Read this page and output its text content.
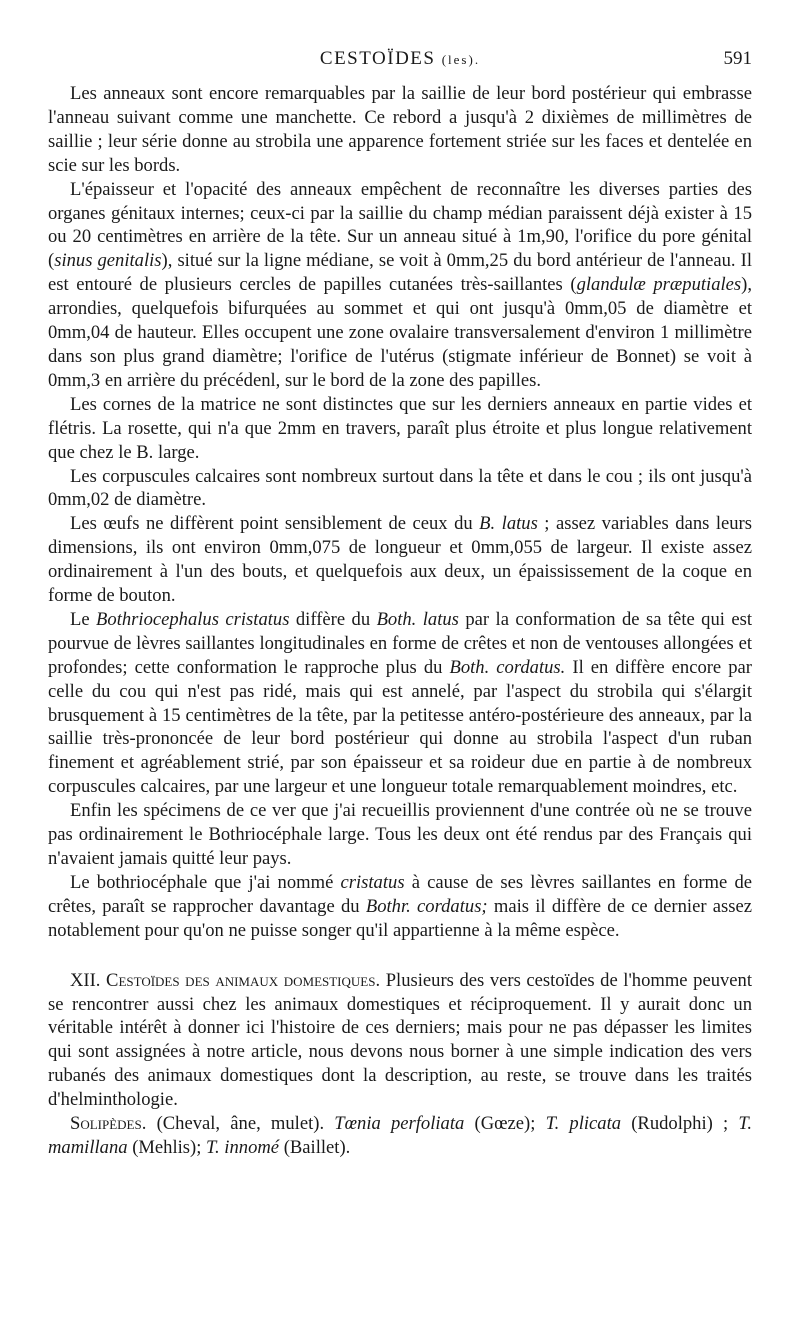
CESTOÏDES (les).	591

Les anneaux sont encore remarquables par la saillie de leur bord postérieur qui embrasse l'anneau suivant comme une manchette. Ce rebord a jusqu'à 2 dixièmes de millimètres de saillie ; leur série donne au strobila une apparence fortement striée sur les faces et dentelée en scie sur les bords.

L'épaisseur et l'opacité des anneaux empêchent de reconnaître les diverses parties des organes génitaux internes; ceux-ci par la saillie du champ médian paraissent déjà exister à 15 ou 20 centimètres en arrière de la tête. Sur un anneau situé à 1m,90, l'orifice du pore génital (sinus genitalis), situé sur la ligne médiane, se voit à 0mm,25 du bord antérieur de l'anneau. Il est entouré de plusieurs cercles de papilles cutanées très-saillantes (glandulæ præputiales), arrondies, quelquefois bifurquées au sommet et qui ont jusqu'à 0mm,05 de diamètre et 0mm,04 de hauteur. Elles occupent une zone ovalaire transversalement d'environ 1 millimètre dans son plus grand diamètre; l'orifice de l'utérus (stigmate inférieur de Bonnet) se voit à 0mm,3 en arrière du précédenl, sur le bord de la zone des papilles.

Les cornes de la matrice ne sont distinctes que sur les derniers anneaux en partie vides et flétris. La rosette, qui n'a que 2mm en travers, paraît plus étroite et plus longue relativement que chez le B. large.

Les corpuscules calcaires sont nombreux surtout dans la tête et dans le cou ; ils ont jusqu'à 0mm,02 de diamètre.

Les œufs ne diffèrent point sensiblement de ceux du B. latus ; assez variables dans leurs dimensions, ils ont environ 0mm,075 de longueur et 0mm,055 de largeur. Il existe assez ordinairement à l'un des bouts, et quelquefois aux deux, un épaississement de la coque en forme de bouton.

Le Bothriocephalus cristatus diffère du Both. latus par la conformation de sa tête qui est pourvue de lèvres saillantes longitudinales en forme de crêtes et non de ventouses allongées et profondes; cette conformation le rapproche plus du Both. cordatus. Il en diffère encore par celle du cou qui n'est pas ridé, mais qui est annelé, par l'aspect du strobila qui s'élargit brusquement à 15 centimètres de la tête, par la petitesse antéro-postérieure des anneaux, par la saillie très-prononcée de leur bord postérieur qui donne au strobila l'aspect d'un ruban finement et agréablement strié, par son épaisseur et sa roideur due en partie à de nombreux corpuscules calcaires, par une largeur et une longueur totale remarquablement moindres, etc.

Enfin les spécimens de ce ver que j'ai recueillis proviennent d'une contrée où ne se trouve pas ordinairement le Bothriocéphale large. Tous les deux ont été rendus par des Français qui n'avaient jamais quitté leur pays.

Le bothriocéphale que j'ai nommé cristatus à cause de ses lèvres saillantes en forme de crêtes, paraît se rapprocher davantage du Bothr. cordatus; mais il diffère de ce dernier assez notablement pour qu'on ne puisse songer qu'il appartienne à la même espèce.

XII. Cestoïdes des animaux domestiques. Plusieurs des vers cestoïdes de l'homme peuvent se rencontrer aussi chez les animaux domestiques et réciproquement. Il y aurait donc un véritable intérêt à donner ici l'histoire de ces derniers; mais pour ne pas dépasser les limites qui sont assignées à notre article, nous devons nous borner à une simple indication des vers rubanés des animaux domestiques dont la description, au reste, se trouve dans les traités d'helminthologie.

Solipèdes. (Cheval, âne, mulet). Tœnia perfoliata (Gœze); T. plicata (Rudolphi) ; T. mamillana (Mehlis); T. innomé (Baillet).
